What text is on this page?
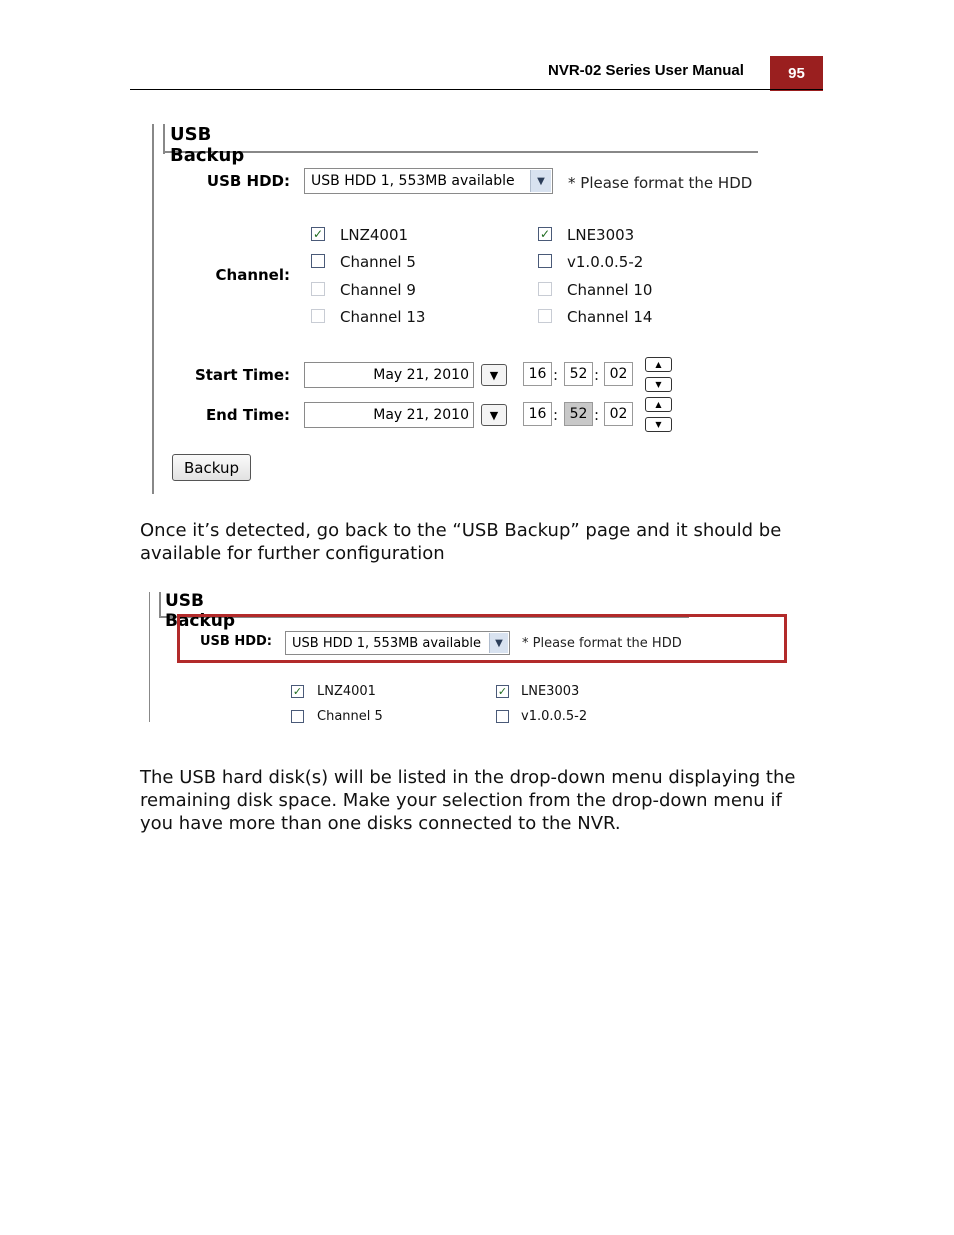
NVR-02 Series User Manual	95
USB Backup
USB HDD: USB HDD 1, 553MB available	▼	* Please format the HDD
Channel:
✓ LNZ4001	✓ LNE3003
Channel 5	v1.0.0.5-2
Channel 9	Channel 10
Channel 13	Channel 14
Start Time:	May 21, 2010	▼	16 : 52 : 02
▲
▼
End Time:	May 21, 2010	▼	16 : 52 : 02
▲
▼
Backup
Once it’s detected, go back to the “USB Backup” page and it should be available for further configuration
USB Backup
USB HDD: USB HDD 1, 553MB available	▼	* Please format the HDD
✓ LNZ4001	✓ LNE3003
Channel 5	v1.0.0.5-2
The USB hard disk(s) will be listed in the drop-down menu displaying the remaining disk space. Make your selection from the drop-down menu if you have more than one disks connected to the NVR.
